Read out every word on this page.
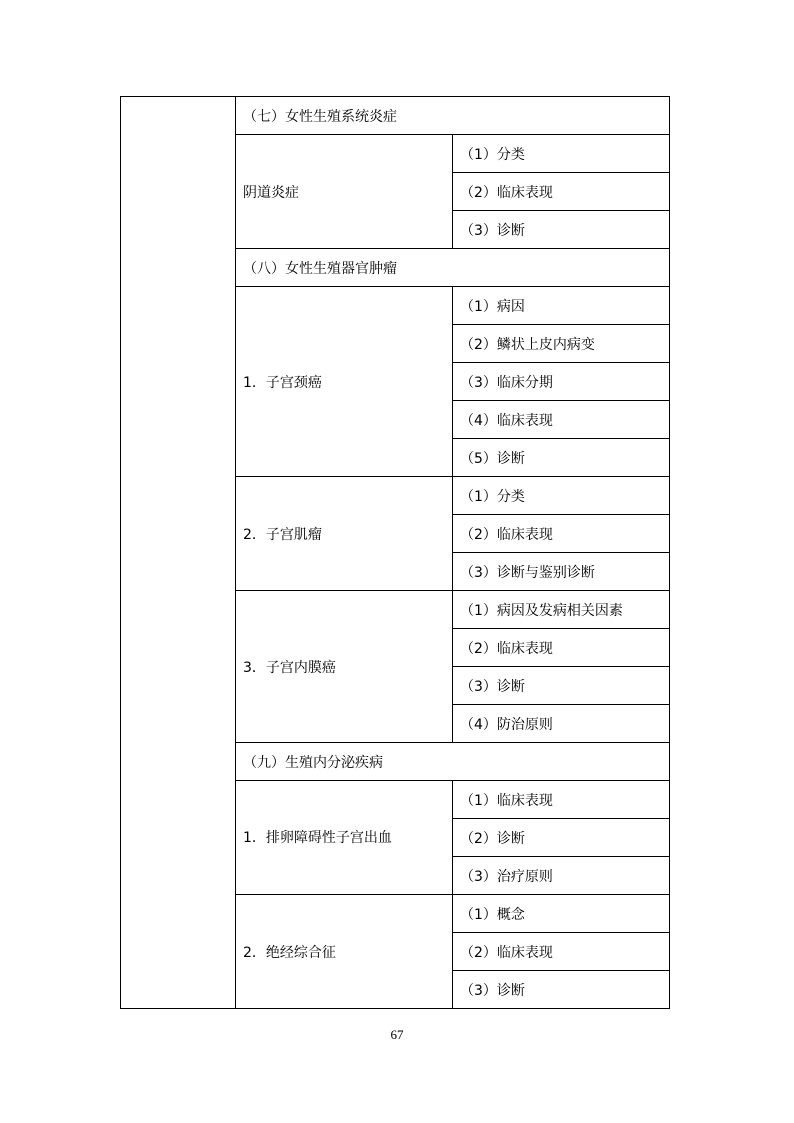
	（七）女性生殖系统炎症	
	阴道炎症	（1）分类
		（2）临床表现
		（3）诊断
	（八）女性生殖器官肿瘤	
	1．子宫颈癌	（1）病因
		（2）鳞状上皮内病变
		（3）临床分期
		（4）临床表现
		（5）诊断
	2．子宫肌瘤	（1）分类
		（2）临床表现
		（3）诊断与鉴别诊断
	3．子宫内膜癌	（1）病因及发病相关因素
		（2）临床表现
		（3）诊断
		（4）防治原则
	（九）生殖内分泌疾病	
	1．排卵障碍性子宫出血	（1）临床表现
		（2）诊断
		（3）治疗原则
	2．绝经综合征	（1）概念
		（2）临床表现
		（3）诊断
67
